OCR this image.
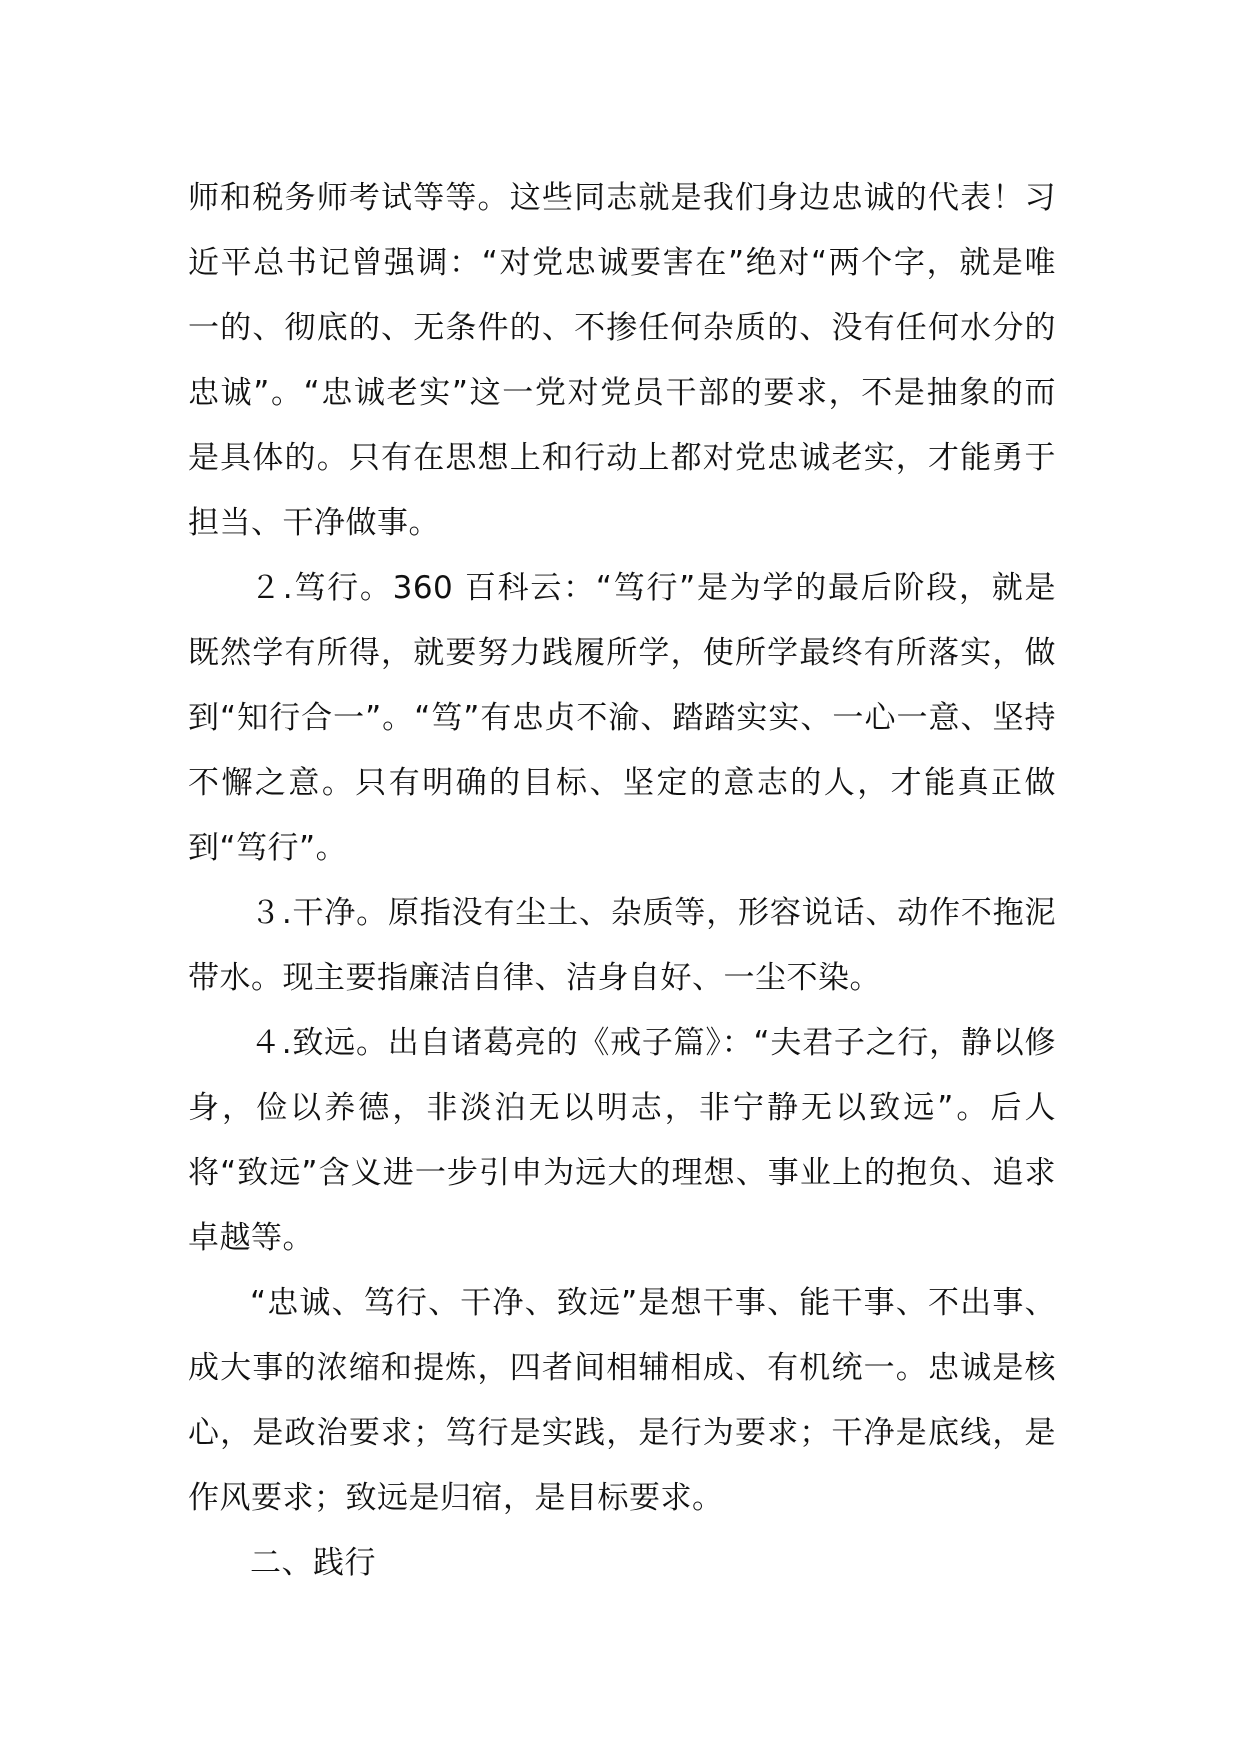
师和税务师考试等等。这些同志就是我们身边忠诚的代表！习近平总书记曾强调：“对党忠诚要害在”绝对“两个字，就是唯一的、彻底的、无条件的、不掺任何杂质的、没有任何水分的忠诚”。“忠诚老实”这一党对党员干部的要求，不是抽象的而是具体的。只有在思想上和行动上都对党忠诚老实，才能勇于担当、干净做事。

２.笃行。360 百科云：“笃行”是为学的最后阶段，就是既然学有所得，就要努力践履所学，使所学最终有所落实，做到“知行合一”。“笃”有忠贞不渝、踏踏实实、一心一意、坚持不懈之意。只有明确的目标、坚定的意志的人，才能真正做到“笃行”。

３.干净。原指没有尘土、杂质等，形容说话、动作不拖泥带水。现主要指廉洁自律、洁身自好、一尘不染。

４.致远。出自诸葛亮的《戒子篇》：“夫君子之行，静以修身，俭以养德，非淡泊无以明志，非宁静无以致远”。后人将“致远”含义进一步引申为远大的理想、事业上的抱负、追求卓越等。

“忠诚、笃行、干净、致远”是想干事、能干事、不出事、成大事的浓缩和提炼，四者间相辅相成、有机统一。忠诚是核心，是政治要求；笃行是实践，是行为要求；干净是底线，是作风要求；致远是归宿，是目标要求。

二、践行
